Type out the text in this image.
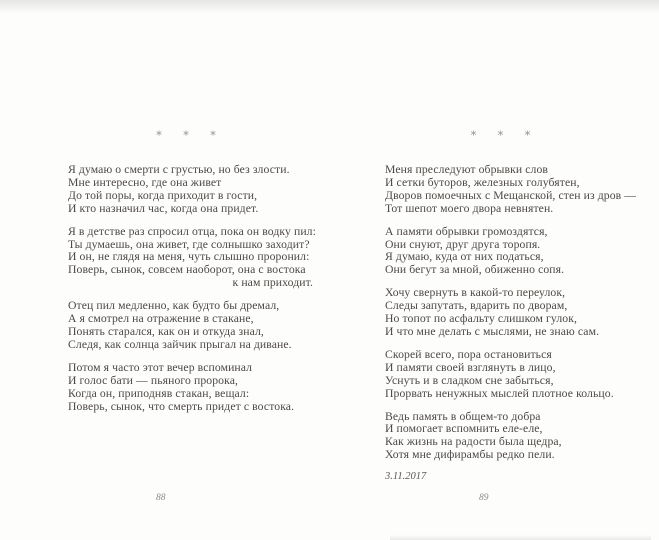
* * *
Я думаю о смерти с грустью, но без злости.
Мне интересно, где она живет
До той поры, когда приходит в гости,
И кто назначил час, когда она придет.
Я в детстве раз спросил отца, пока он водку пил:
Ты думаешь, она живет, где солнышко заходит?
И он, не глядя на меня, чуть слышно проронил:
Поверь, сынок, совсем наоборот, она с востока
к нам приходит.
Отец пил медленно, как будто бы дремал,
А я смотрел на отражение в стакане,
Понять старался, как он и откуда знал,
Следя, как солнца зайчик прыгал на диване.
Потом я часто этот вечер вспоминал
И голос бати — пьяного пророка,
Когда он, приподняв стакан, вещал:
Поверь, сынок, что смерть придет с востока.
88
* * *
Меня преследуют обрывки слов
И сетки буторов, железных голубятен,
Дворов помоечных с Мещанской, стен из дров —
Тот шепот моего двора невнятен.
А памяти обрывки громоздятся,
Они снуют, друг друга торопя.
Я думаю, куда от них податься,
Они бегут за мной, обиженно сопя.
Хочу свернуть в какой-то переулок,
Следы запутать, вдарить по дворам,
Но топот по асфальту слишком гулок,
И что мне делать с мыслями, не знаю сам.
Скорей всего, пора остановиться
И памяти своей взглянуть в лицо,
Уснуть и в сладком сне забыться,
Прорвать ненужных мыслей плотное кольцо.
Ведь память в общем-то добра
И помогает вспомнить еле-еле,
Как жизнь на радости была щедра,
Хотя мне дифирамбы редко пели.
3.11.2017
89
